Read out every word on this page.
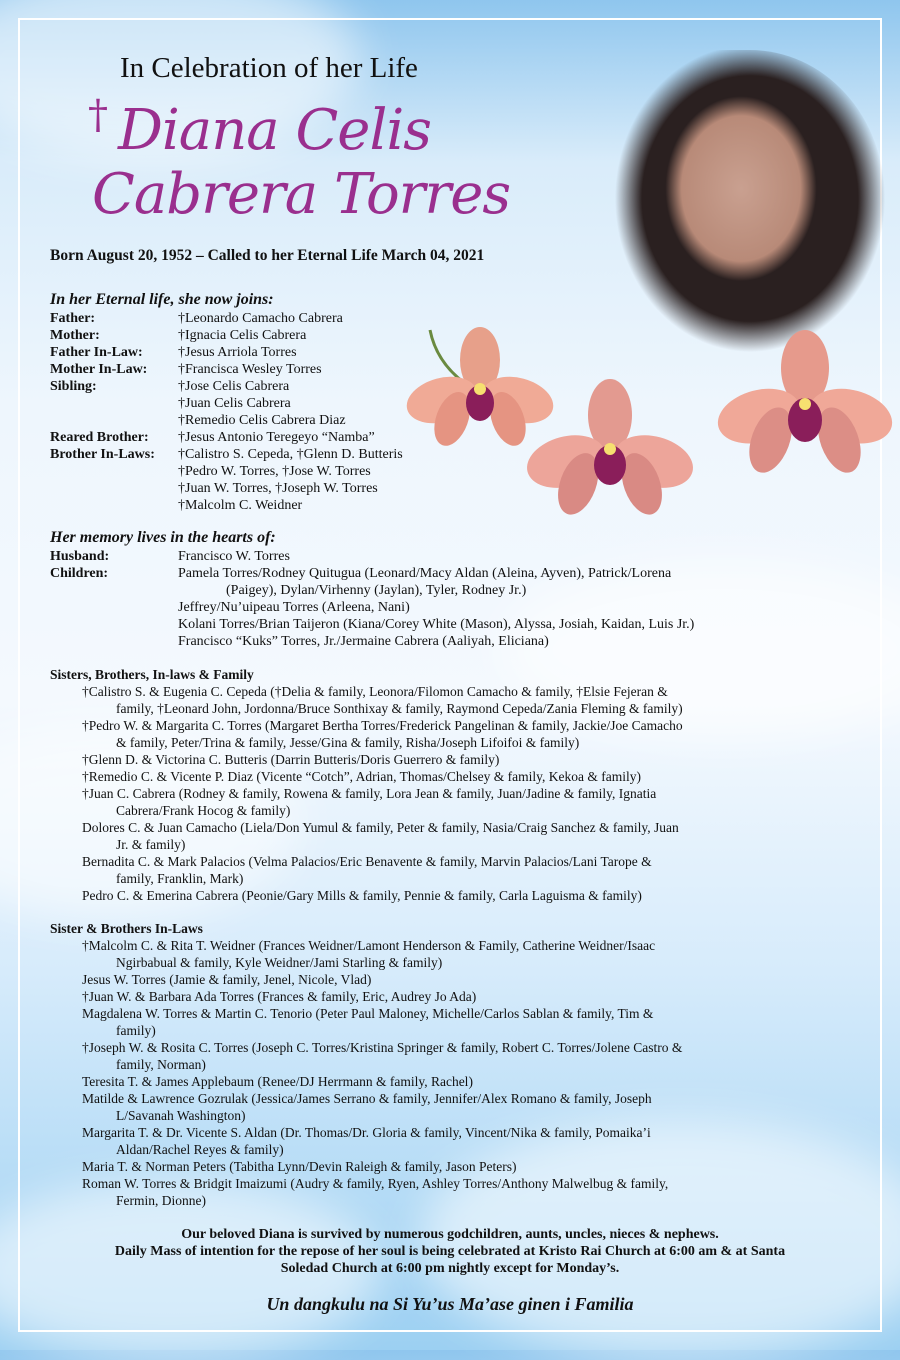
In Celebration of her Life
† Diana Celis
Cabrera Torres
Born August 20, 1952 – Called to her Eternal Life March 04, 2021
In her Eternal life, she now joins:
Father:	†Leonardo Camacho Cabrera
Mother:	†Ignacia Celis Cabrera
Father In-Law:	†Jesus Arriola Torres
Mother In-Law: †Francisca Wesley Torres
Sibling:	†Jose Celis Cabrera
†Juan Celis Cabrera
†Remedio Celis Cabrera Diaz
Reared Brother: †Jesus Antonio Teregeyo “Namba”
Brother In-Laws: †Calistro S. Cepeda, †Glenn D. Butteris
†Pedro W. Torres, †Jose W. Torres
†Juan W. Torres, †Joseph W. Torres
†Malcolm C. Weidner
Her memory lives in the hearts of:
Husband:	Francisco W. Torres
Children:	Pamela Torres/Rodney Quitugua (Leonard/Macy Aldan (Aleina, Ayven), Patrick/Lorena
(Paigey), Dylan/Virhenny (Jaylan), Tyler, Rodney Jr.)
Jeffrey/Nu’uipeau Torres (Arleena, Nani)
Kolani Torres/Brian Taijeron (Kiana/Corey White (Mason), Alyssa, Josiah, Kaidan, Luis Jr.)
Francisco “Kuks” Torres, Jr./Jermaine Cabrera (Aaliyah, Eliciana)
Sisters, Brothers, In-laws & Family
†Calistro S. & Eugenia C. Cepeda (†Delia & family, Leonora/Filomon Camacho & family, †Elsie Fejeran &
family, †Leonard John, Jordonna/Bruce Sonthixay & family, Raymond Cepeda/Zania Fleming & family)
†Pedro W. & Margarita C. Torres (Margaret Bertha Torres/Frederick Pangelinan & family, Jackie/Joe Camacho
& family, Peter/Trina & family, Jesse/Gina & family, Risha/Joseph Lifoifoi & family)
†Glenn D. & Victorina C. Butteris (Darrin Butteris/Doris Guerrero & family)
†Remedio C. & Vicente P. Diaz (Vicente “Cotch”, Adrian, Thomas/Chelsey & family, Kekoa & family)
†Juan C. Cabrera (Rodney & family, Rowena & family, Lora Jean & family, Juan/Jadine & family, Ignatia
Cabrera/Frank Hocog & family)
Dolores C. & Juan Camacho (Liela/Don Yumul & family, Peter & family, Nasia/Craig Sanchez & family, Juan
Jr. & family)
Bernadita C. & Mark Palacios (Velma Palacios/Eric Benavente & family, Marvin Palacios/Lani Tarope &
family, Franklin, Mark)
Pedro C. & Emerina Cabrera (Peonie/Gary Mills & family, Pennie & family, Carla Laguisma & family)
Sister & Brothers In-Laws
†Malcolm C. & Rita T. Weidner (Frances Weidner/Lamont Henderson & Family, Catherine Weidner/Isaac
Ngirbabual & family, Kyle Weidner/Jami Starling & family)
Jesus W. Torres (Jamie & family, Jenel, Nicole, Vlad)
†Juan W. & Barbara Ada Torres (Frances & family, Eric, Audrey Jo Ada)
Magdalena W. Torres & Martin C. Tenorio (Peter Paul Maloney, Michelle/Carlos Sablan & family, Tim &
family)
†Joseph W. & Rosita C. Torres (Joseph C. Torres/Kristina Springer & family, Robert C. Torres/Jolene Castro &
family, Norman)
Teresita T. & James Applebaum (Renee/DJ Herrmann & family, Rachel)
Matilde & Lawrence Gozrulak (Jessica/James Serrano & family, Jennifer/Alex Romano & family, Joseph
L/Savanah Washington)
Margarita T. & Dr. Vicente S. Aldan (Dr. Thomas/Dr. Gloria & family, Vincent/Nika & family, Pomaika’i
Aldan/Rachel Reyes & family)
Maria T. & Norman Peters (Tabitha Lynn/Devin Raleigh & family, Jason Peters)
Roman W. Torres & Bridgit Imaizumi (Audry & family, Ryen, Ashley Torres/Anthony Malwelbug & family,
Fermin, Dionne)
Our beloved Diana is survived by numerous godchildren, aunts, uncles, nieces & nephews.
Daily Mass of intention for the repose of her soul is being celebrated at Kristo Rai Church at 6:00 am & at Santa
Soledad Church at 6:00 pm nightly except for Monday’s.
Un dangkulu na Si Yu’us Ma’ase ginen i Familia
